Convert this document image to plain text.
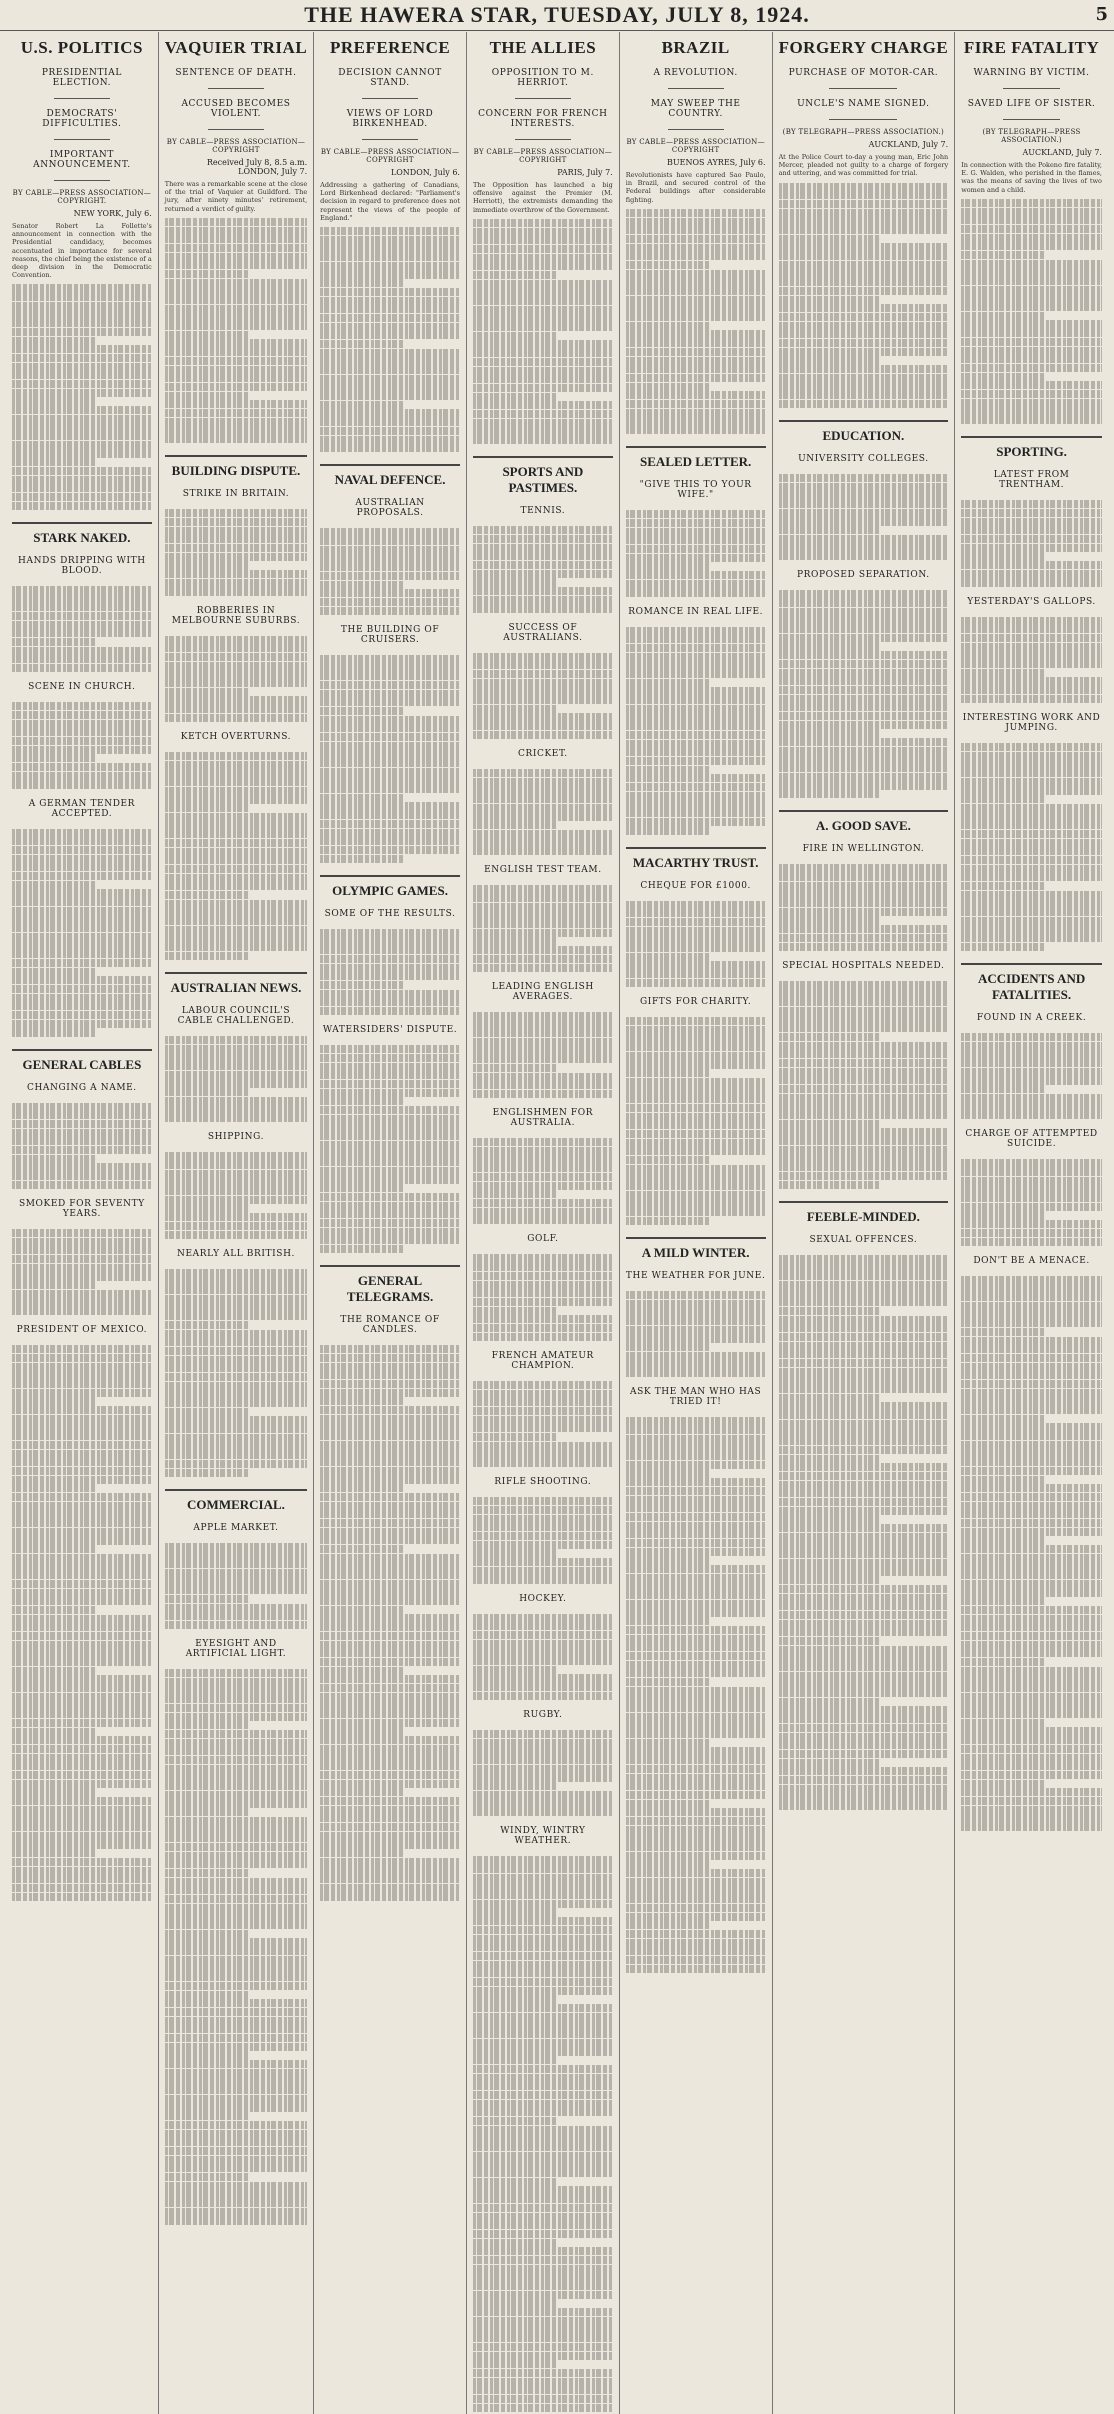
THE HAWERA STAR, TUESDAY, JULY 8, 1924.	5
U.S. POLITICS
PRESIDENTIAL ELECTION.
DEMOCRATS' DIFFICULTIES.
IMPORTANT ANNOUNCEMENT.
BY CABLE—PRESS ASSOCIATION—COPYRIGHT.
NEW YORK, July 6.
Senator Robert La Follette's announcement in connection with the Presidential candidacy, becomes accentuated in importance for several reasons, the chief being the existence of a deep division in the Democratic Convention.
STARK NAKED.
HANDS DRIPPING WITH BLOOD.
SCENE IN CHURCH.
A GERMAN TENDER ACCEPTED.
GENERAL CABLES
CHANGING A NAME.
SMOKED FOR SEVENTY YEARS.
PRESIDENT OF MEXICO.
VAQUIER TRIAL
SENTENCE OF DEATH.
ACCUSED BECOMES VIOLENT.
BY CABLE—PRESS ASSOCIATION—COPYRIGHT
Received July 8, 8.5 a.m. LONDON, July 7.
There was a remarkable scene at the close of the trial of Vaquier at Guildford. The jury, after ninety minutes' retirement, returned a verdict of guilty.
BUILDING DISPUTE.
STRIKE IN BRITAIN.
ROBBERIES IN MELBOURNE SUBURBS.
KETCH OVERTURNS.
AUSTRALIAN NEWS.
LABOUR COUNCIL'S CABLE CHALLENGED.
SHIPPING.
NEARLY ALL BRITISH.
COMMERCIAL.
APPLE MARKET.
EYESIGHT AND ARTIFICIAL LIGHT.
PREFERENCE
DECISION CANNOT STAND.
VIEWS OF LORD BIRKENHEAD.
BY CABLE—PRESS ASSOCIATION—COPYRIGHT
LONDON, July 6.
Addressing a gathering of Canadians, Lord Birkenhead declared: "Parliament's decision in regard to preference does not represent the views of the people of England."
NAVAL DEFENCE.
AUSTRALIAN PROPOSALS.
THE BUILDING OF CRUISERS.
OLYMPIC GAMES.
SOME OF THE RESULTS.
WATERSIDERS' DISPUTE.
GENERAL TELEGRAMS.
THE ROMANCE OF CANDLES.
THE ALLIES
OPPOSITION TO M. HERRIOT.
CONCERN FOR FRENCH INTERESTS.
BY CABLE—PRESS ASSOCIATION—COPYRIGHT
PARIS, July 7.
The Opposition has launched a big offensive against the Premier (M. Herriott), the extremists demanding the immediate overthrow of the Government.
SPORTS AND PASTIMES.
TENNIS.
SUCCESS OF AUSTRALIANS.
CRICKET.
ENGLISH TEST TEAM.
LEADING ENGLISH AVERAGES.
ENGLISHMEN FOR AUSTRALIA.
GOLF.
FRENCH AMATEUR CHAMPION.
RIFLE SHOOTING.
HOCKEY.
RUGBY.
WINDY, WINTRY WEATHER.
BRAZIL
A REVOLUTION.
MAY SWEEP THE COUNTRY.
BY CABLE—PRESS ASSOCIATION—COPYRIGHT
BUENOS AYRES, July 6.
Revolutionists have captured Sao Paulo, in Brazil, and secured control of the Federal buildings after considerable fighting.
SEALED LETTER.
"GIVE THIS TO YOUR WIFE."
ROMANCE IN REAL LIFE.
MACARTHY TRUST.
CHEQUE FOR £1000.
GIFTS FOR CHARITY.
A MILD WINTER.
THE WEATHER FOR JUNE.
ASK THE MAN WHO HAS TRIED IT!
FORGERY CHARGE
PURCHASE OF MOTOR-CAR.
UNCLE'S NAME SIGNED.
(BY TELEGRAPH—PRESS ASSOCIATION.)
AUCKLAND, July 7.
At the Police Court to-day a young man, Eric John Mercer, pleaded not guilty to a charge of forgery and uttering, and was committed for trial.
EDUCATION.
UNIVERSITY COLLEGES.
PROPOSED SEPARATION.
A. GOOD SAVE.
FIRE IN WELLINGTON.
SPECIAL HOSPITALS NEEDED.
FEEBLE-MINDED.
SEXUAL OFFENCES.
FIRE FATALITY
WARNING BY VICTIM.
SAVED LIFE OF SISTER.
(BY TELEGRAPH—PRESS ASSOCIATION.)
AUCKLAND, July 7.
In connection with the Pokeno fire fatality, E. G. Walden, who perished in the flames, was the means of saving the lives of two women and a child.
SPORTING.
LATEST FROM TRENTHAM.
YESTERDAY'S GALLOPS.
INTERESTING WORK AND JUMPING.
ACCIDENTS AND FATALITIES.
FOUND IN A CREEK.
CHARGE OF ATTEMPTED SUICIDE.
DON'T BE A MENACE.
